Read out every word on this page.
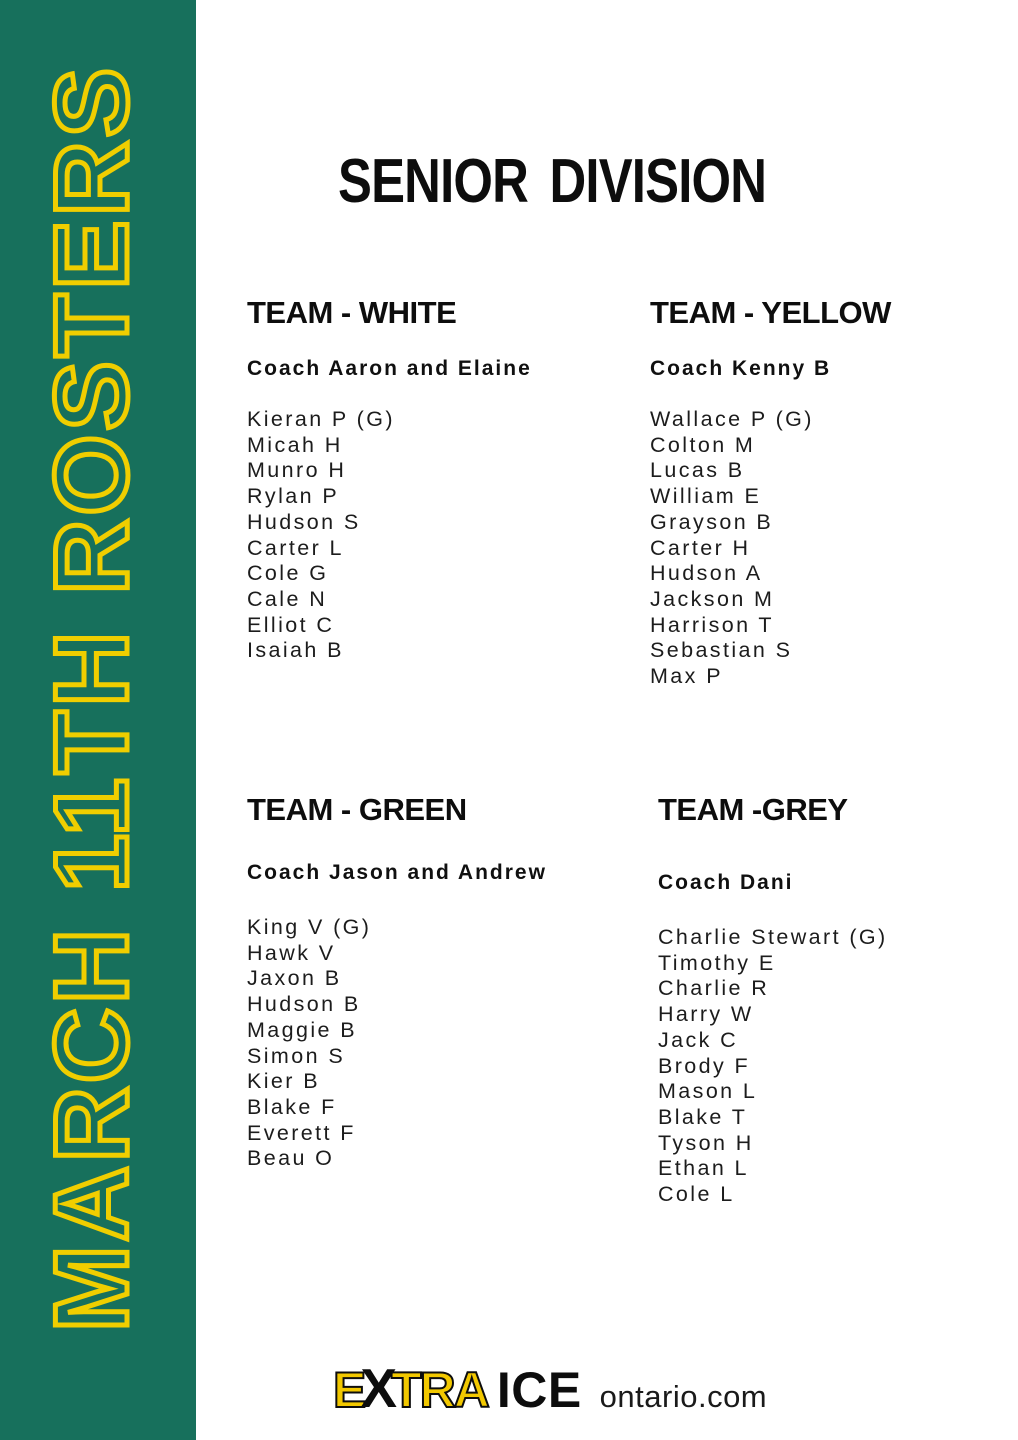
MARCH 11TH ROSTERS	SENIOR DIVISION
TEAM - WHITE
Coach Aaron and Elaine
Kieran P (G)
Micah H
Munro H
Rylan P
Hudson S
Carter L
Cole G
Cale N
Elliot C
Isaiah B
TEAM - YELLOW
Coach Kenny B
Wallace P (G)
Colton M
Lucas B
William E
Grayson B
Carter H
Hudson A
Jackson M
Harrison T
Sebastian S
Max P
TEAM - GREEN
Coach Jason and Andrew
King V (G)
Hawk V
Jaxon B
Hudson B
Maggie B
Simon S
Kier B
Blake F
Everett F
Beau O
TEAM -GREY
Coach Dani
Charlie Stewart (G)
Timothy E
Charlie R
Harry W
Jack C
Brody F
Mason L
Blake T
Tyson H
Ethan L
Cole L
EXTRA ICE ontario.com
